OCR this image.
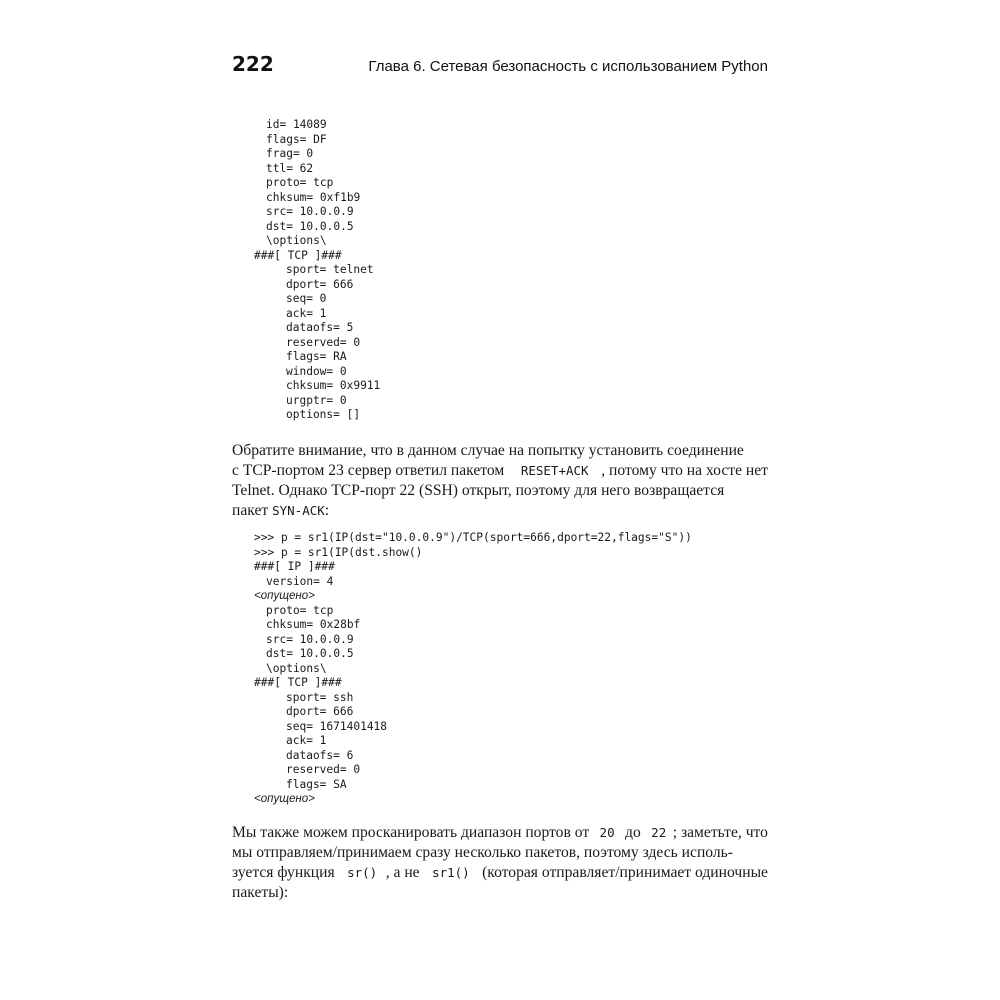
222	Глава 6. Сетевая безопасность с использованием Python
id= 14089
flags= DF
frag= 0
ttl= 62
proto= tcp
chksum= 0xf1b9
src= 10.0.0.9
dst= 10.0.0.5
\options\
###[ TCP ]###
sport= telnet
dport= 666
seq= 0
ack= 1
dataofs= 5
reserved= 0
flags= RA
window= 0
chksum= 0x9911
urgptr= 0
options= []
Обратите внимание, что в данном случае на попытку установить соединение
с TCP-портом 23 сервер ответил пакетом RESET+ACK , потому что на хосте нет
Telnet. Однако TCP-порт 22 (SSH) открыт, поэтому для него возвращается
пакет SYN-ACK :
>>> p = sr1(IP(dst="10.0.0.9")/TCP(sport=666,dport=22,flags="S"))
>>> p = sr1(IP(dst.show()
###[ IP ]###
version= 4
<опущено>
proto= tcp
chksum= 0x28bf
src= 10.0.0.9
dst= 10.0.0.5
\options\
###[ TCP ]###
sport= ssh
dport= 666
seq= 1671401418
ack= 1
dataofs= 6
reserved= 0
flags= SA
<опущено>
Мы также можем просканировать диапазон портов от 20 до 22 ; заметьте, что
мы отправляем/принимаем сразу несколько пакетов, поэтому здесь исполь-
зуется функция sr() , а не sr1() (которая отправляет/принимает одиночные
пакеты):
